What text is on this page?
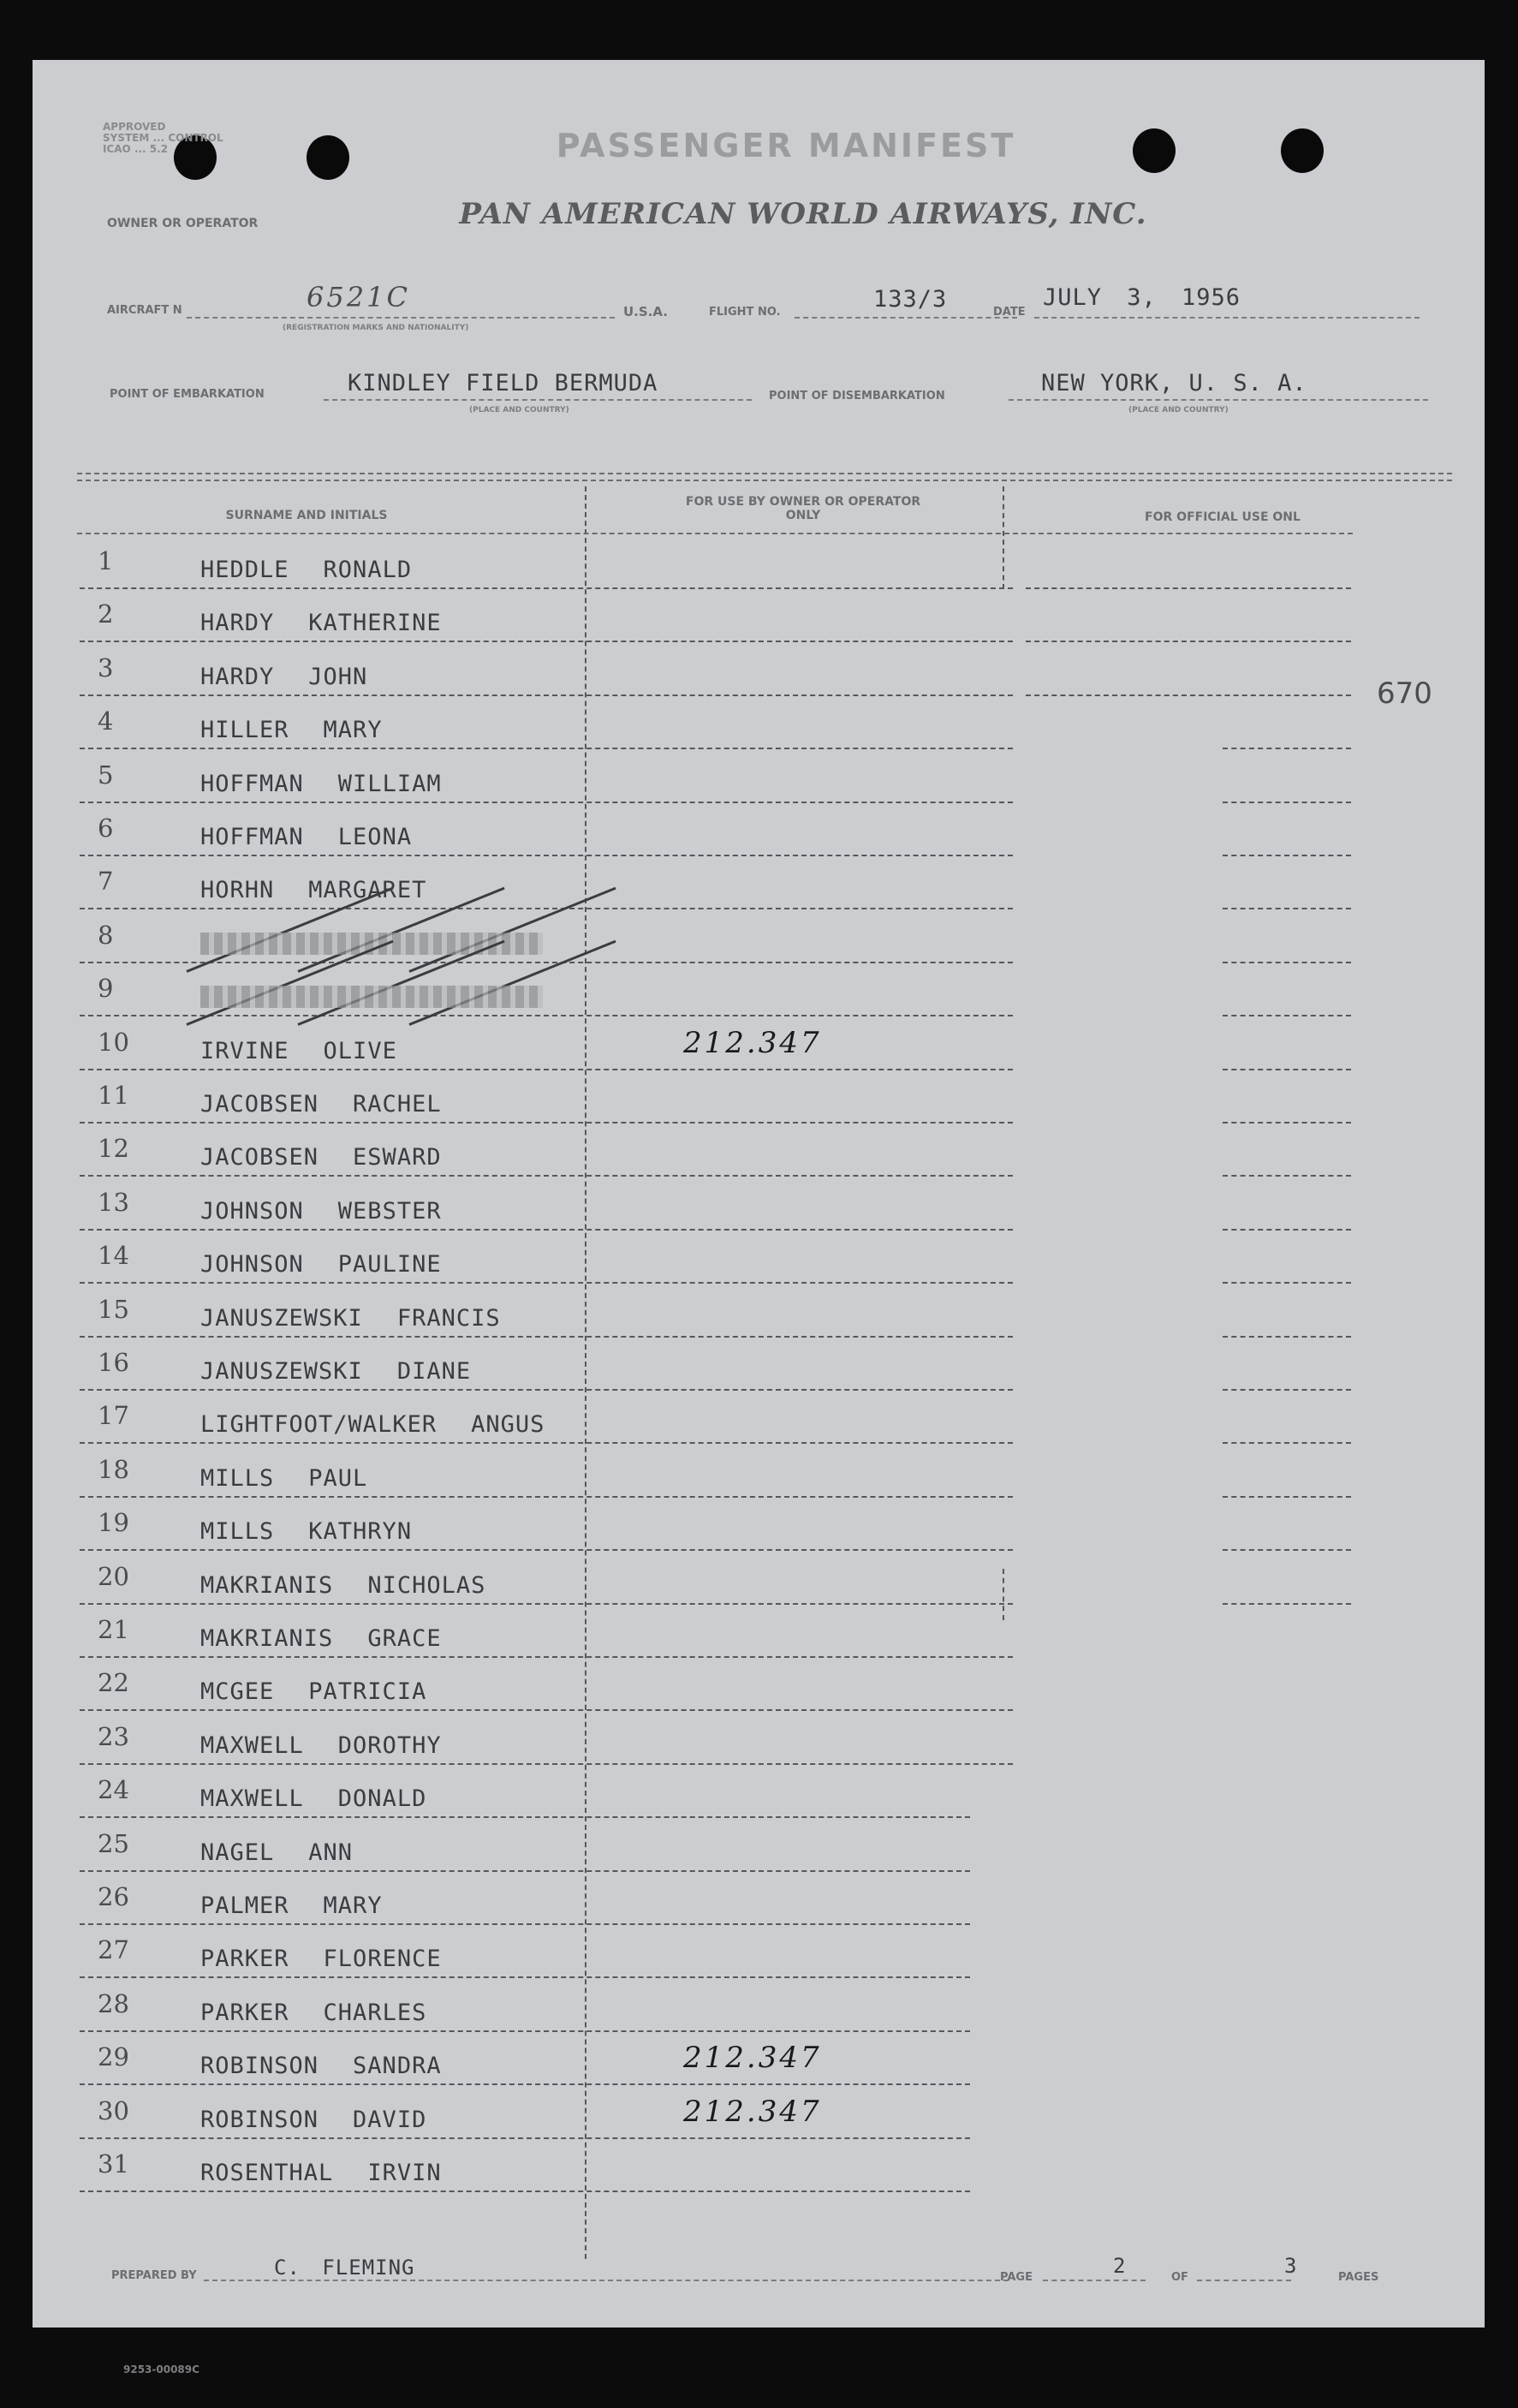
APPROVED
SYSTEM ... CONTROL
ICAO ... 5.2	PASSENGER MANIFEST
OWNER OR OPERATOR	PAN AMERICAN WORLD AIRWAYS, INC.
AIRCRAFT N	6521C
(REGISTRATION MARKS AND NATIONALITY)
U.S.A.	FLIGHT NO.	133/3	DATE
JULY 3, 1956
POINT OF EMBARKATION	KINDLEY FIELD BERMUDA
(PLACE AND COUNTRY)
POINT OF DISEMBARKATION	NEW YORK, U. S. A.
(PLACE AND COUNTRY)
SURNAME AND INITIALS
FOR USE BY OWNER OR OPERATOR ONLY	FOR OFFICIAL USE ONL
670
1	HEDDLE RONALD
2	HARDY KATHERINE
3	HARDY JOHN
4	HILLER MARY
5	HOFFMAN WILLIAM
6	HOFFMAN LEONA
7	HORHN MARGARET
8
9
10	IRVINE OLIVE	212.347
11	JACOBSEN RACHEL
12	JACOBSEN ESWARD
13	JOHNSON WEBSTER
14	JOHNSON PAULINE
15	JANUSZEWSKI FRANCIS
16	JANUSZEWSKI DIANE
17	LIGHTFOOT/WALKER ANGUS
18	MILLS PAUL
19	MILLS KATHRYN
20	MAKRIANIS NICHOLAS
21	MAKRIANIS GRACE
22	MCGEE PATRICIA
23	MAXWELL DOROTHY
24	MAXWELL DONALD
25	NAGEL ANN
26	PALMER MARY
27	PARKER FLORENCE
28	PARKER CHARLES
29	ROBINSON SANDRA	212.347
30	ROBINSON DAVID	212.347
31	ROSENTHAL IRVIN
PREPARED BY	C. FLEMING	PAGE	2	OF	3	PAGES
9253-00089C
